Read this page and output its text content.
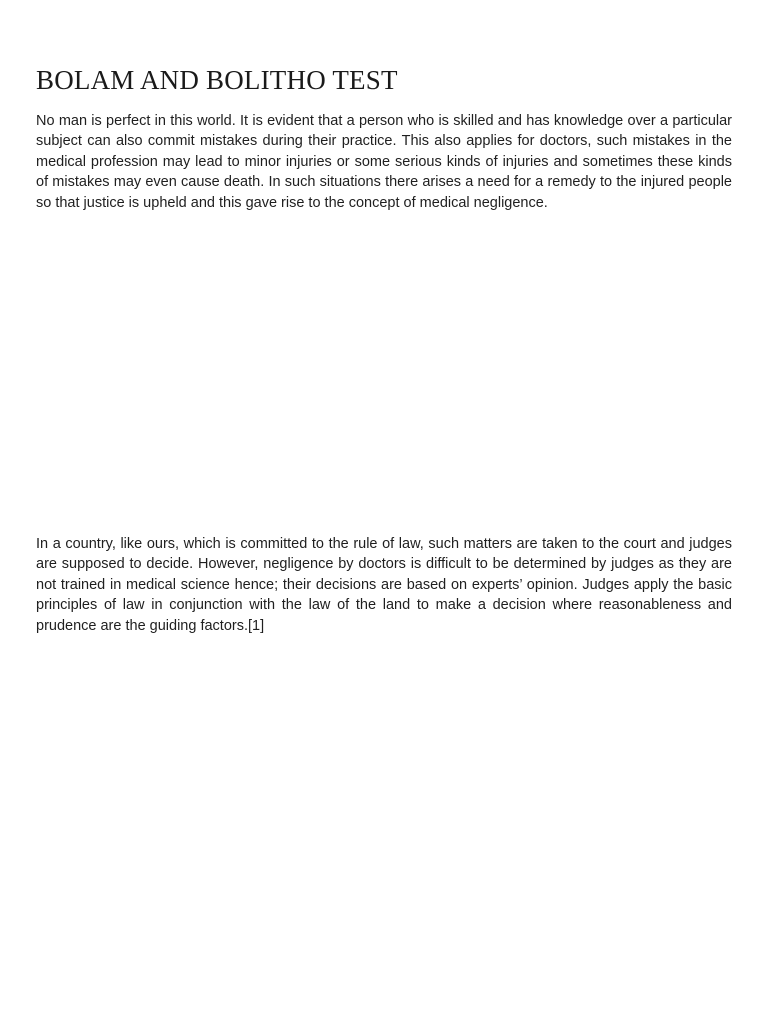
BOLAM AND BOLITHO TEST

No man is perfect in this world. It is evident that a person who is skilled and has knowledge over a particular subject can also commit mistakes during their practice. This also applies for doctors, such mistakes in the medical profession may lead to minor injuries or some serious kinds of injuries and sometimes these kinds of mistakes may even cause death. In such situations there arises a need for a remedy to the injured people so that justice is upheld and this gave rise to the concept of medical negligence.

In a country, like ours, which is committed to the rule of law, such matters are taken to the court and judges are supposed to decide. However, negligence by doctors is difficult to be determined by judges as they are not trained in medical science hence; their decisions are based on experts’ opinion. Judges apply the basic principles of law in conjunction with the law of the land to make a decision where reasonableness and prudence are the guiding factors.[1]
